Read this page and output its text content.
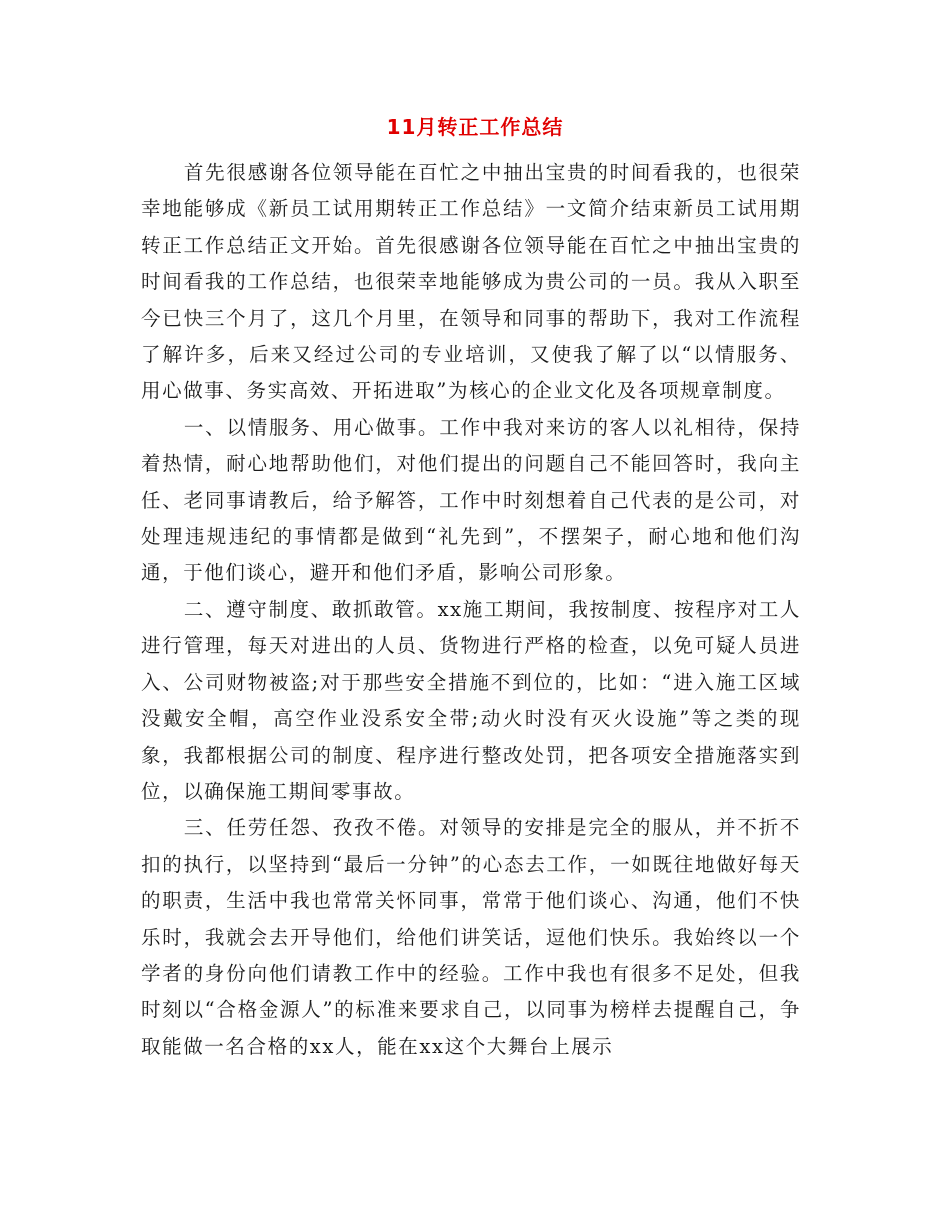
11月转正工作总结

首先很感谢各位领导能在百忙之中抽出宝贵的时间看我的，也很荣幸地能够成《新员工试用期转正工作总结》一文简介结束新员工试用期转正工作总结正文开始。首先很感谢各位领导能在百忙之中抽出宝贵的时间看我的工作总结，也很荣幸地能够成为贵公司的一员。我从入职至今已快三个月了，这几个月里，在领导和同事的帮助下，我对工作流程了解许多，后来又经过公司的专业培训，又使我了解了以“以情服务、用心做事、务实高效、开拓进取”为核心的企业文化及各项规章制度。

一、以情服务、用心做事。工作中我对来访的客人以礼相待，保持着热情，耐心地帮助他们，对他们提出的问题自己不能回答时，我向主任、老同事请教后，给予解答，工作中时刻想着自己代表的是公司，对处理违规违纪的事情都是做到“礼先到”，不摆架子，耐心地和他们沟通，于他们谈心，避开和他们矛盾，影响公司形象。

二、遵守制度、敢抓敢管。xx施工期间，我按制度、按程序对工人进行管理，每天对进出的人员、货物进行严格的检查，以免可疑人员进入、公司财物被盗;对于那些安全措施不到位的，比如：“进入施工区域没戴安全帽，高空作业没系安全带;动火时没有灭火设施”等之类的现象，我都根据公司的制度、程序进行整改处罚，把各项安全措施落实到位，以确保施工期间零事故。

三、任劳任怨、孜孜不倦。对领导的安排是完全的服从，并不折不扣的执行，以坚持到“最后一分钟”的心态去工作，一如既往地做好每天的职责，生活中我也常常关怀同事，常常于他们谈心、沟通，他们不快乐时，我就会去开导他们，给他们讲笑话，逗他们快乐。我始终以一个学者的身份向他们请教工作中的经验。工作中我也有很多不足处，但我时刻以“合格金源人”的标准来要求自己，以同事为榜样去提醒自己，争取能做一名合格的xx人，能在xx这个大舞台上展示
